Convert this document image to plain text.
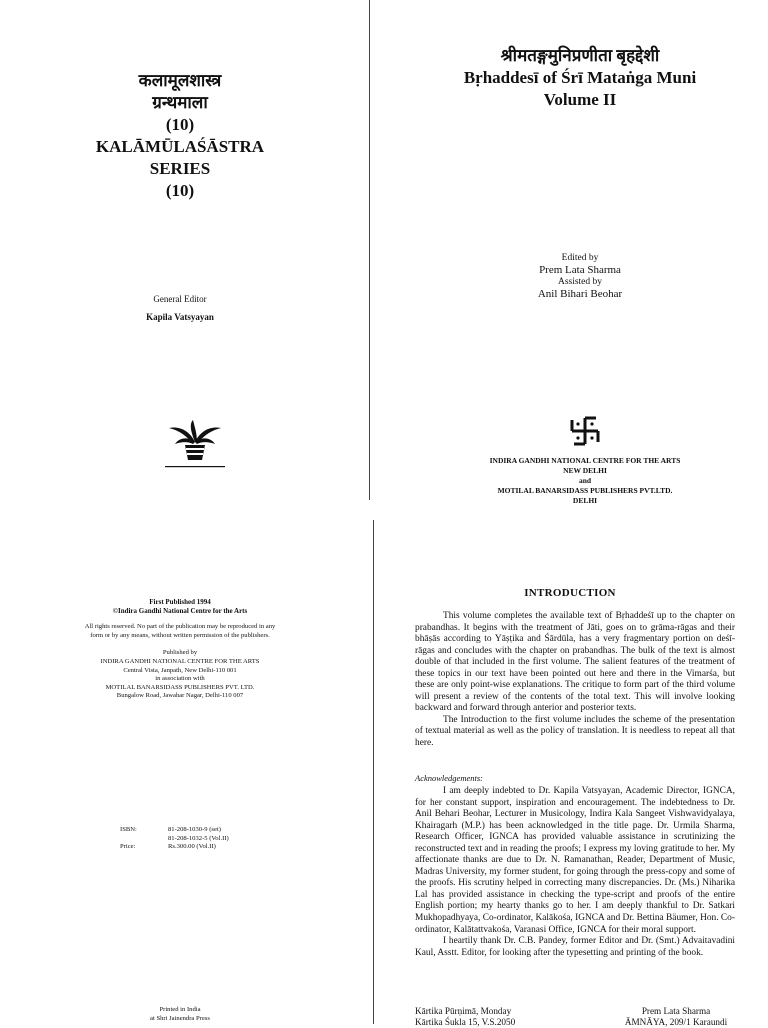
कलामूलशास्त्र
ग्रन्थमाला
(10)
KALĀMŪLAŚĀSTRA
SERIES
(10)
General Editor
Kapila Vatsyayan
श्रीमतङ्गमुनिप्रणीता बृहद्देशी
Bṛhaddesī of Śrī Mataṅga Muni
Volume II
Edited by
Prem Lata Sharma
Assisted by
Anil Bihari Beohar
INDIRA GANDHI NATIONAL CENTRE FOR THE ARTS
NEW DELHI
and
MOTILAL BANARSIDASS PUBLISHERS PVT.LTD.
DELHI
First Published 1994
©Indira Gandhi National Centre for the Arts
All rights reserved. No part of the publication may be reproduced in any
form or by any means, without written permission of the publishers.
Published by
INDIRA GANDHI NATIONAL CENTRE FOR THE ARTS
Central Vista, Janpath, New Delhi-110 001
in association with
MOTILAL BANARSIDASS PUBLISHERS PVT. LTD.
Bungalow Road, Jawahar Nagar, Delhi-110 007
ISBN:	81-208-1030-9 (set)
81-208-1032-5 (Vol.II)
Price:	Rs.300.00 (Vol.II)
Printed in India
at Shri Jainendra Press
INTRODUCTION

This volume completes the available text of Bṛhaddeśī up to the chapter on prabandhas. It begins with the treatment of Jāti, goes on to grāma-rāgas and their bhāṣās according to Yāṣṭika and Śārdūla, has a very fragmentary portion on deśī-rāgas and concludes with the chapter on prabandhas. The bulk of the text is almost double of that included in the first volume. The salient features of the treatment of these topics in our text have been pointed out here and there in the Vimarśa, but these are only point-wise explanations. The critique to form part of the third volume will present a review of the contents of the total text. This will involve looking backward and forward through anterior and posterior texts.

The Introduction to the first volume includes the scheme of the presentation of textual material as well as the policy of translation. It is needless to repeat all that here.

Acknowledgements:

I am deeply indebted to Dr. Kapila Vatsyayan, Academic Director, IGNCA, for her constant support, inspiration and encouragement. The indebtedness to Dr. Anil Behari Beohar, Lecturer in Musicology, Indira Kala Sangeet Vishwavidyalaya, Khairagarh (M.P.) has been acknowledged in the title page. Dr. Urmila Sharma, Research Officer, IGNCA has provided valuable assistance in scrutinizing the reconstructed text and in reading the proofs; I express my loving gratitude to her. My affectionate thanks are due to Dr. N. Ramanathan, Reader, Department of Music, Madras University, my former student, for going through the press-copy and some of the proofs. His scrutiny helped in correcting many discrepancies. Dr. (Ms.) Niharika Lal has provided assistance in checking the type-script and proofs of the entire English portion; my hearty thanks go to her. I am deeply thankful to Dr. Satkari Mukhopadhyaya, Co-ordinator, Kalākośa, IGNCA and Dr. Bettina Bäumer, Hon. Co-ordinator, Kalātattvakośa, Varanasi Office, IGNCA for their moral support.

I heartily thank Dr. C.B. Pandey, former Editor and Dr. (Smt.) Advaitavadini Kaul, Asstt. Editor, for looking after the typesetting and printing of the book.

Kārtika Pūrṇimā, Monday
Kārtika Śukla 15, V.S.2050
Prem Lata Sharma
ĀMNĀYA, 209/1 Karaundi
